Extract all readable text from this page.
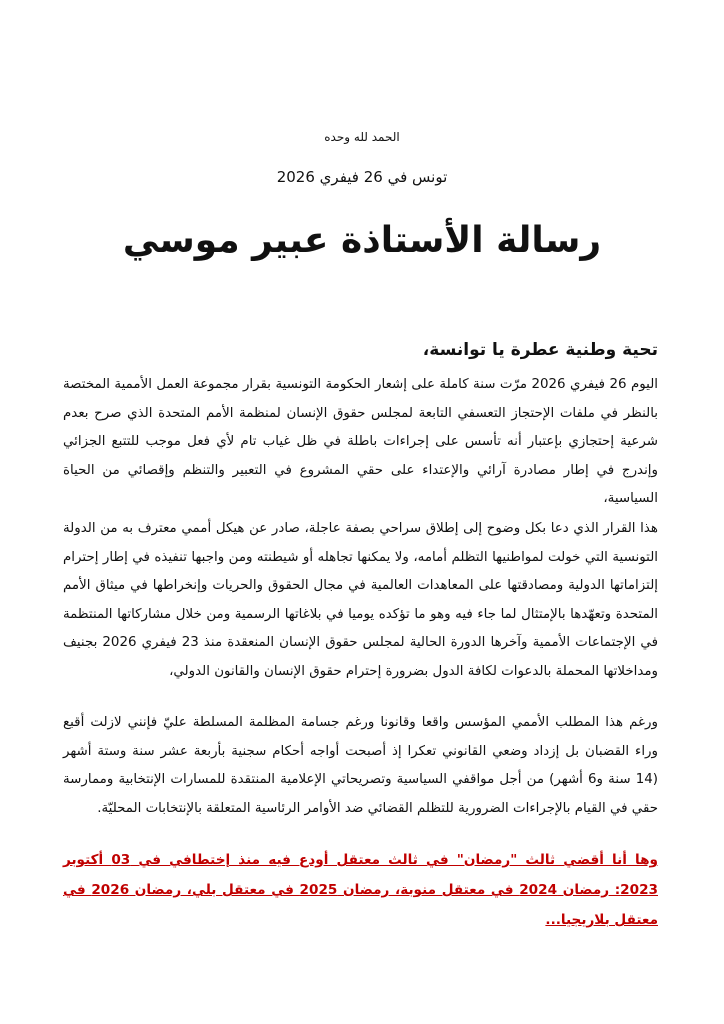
الحمد لله وحده
تونس في 26 فيفري 2026
رسالة الأستاذة عبير موسي
تحية وطنية عطرة يا توانسة،
اليوم 26 فيفري 2026 مرّت سنة كاملة على إشعار الحكومة التونسية بقرار مجموعة العمل الأممية المختصة بالنظر في ملفات الإحتجاز التعسفي التابعة لمجلس حقوق الإنسان لمنظمة الأمم المتحدة الذي صرح بعدم شرعية إحتجازي بإعتبار أنه تأسس على إجراءات باطلة في ظل غياب تام لأي فعل موجب للتتبع الجزائي وإندرج في إطار مصادرة آرائي والإعتداء على حقي المشروع في التعبير والتنظم وإقصائي من الحياة السياسية،
هذا القرار الذي دعا بكل وضوح إلى إطلاق سراحي بصفة عاجلة، صادر عن هيكل أممي معترف به من الدولة التونسية التي خولت لمواطنيها التظلم أمامه، ولا يمكنها تجاهله أو شيطنته ومن واجبها تنفيذه في إطار إحترام إلتزاماتها الدولية ومصادقتها على المعاهدات العالمية في مجال الحقوق والحريات وإنخراطها في ميثاق الأمم المتحدة وتعهّدها بالإمتثال لما جاء فيه وهو ما تؤكده يوميا في بلاغاتها الرسمية ومن خلال مشاركاتها المنتظمة في الإجتماعات الأممية وآخرها الدورة الحالية لمجلس حقوق الإنسان المنعقدة منذ 23 فيفري 2026 بجنيف ومداخلاتها المحملة بالدعوات لكافة الدول بضرورة إحترام حقوق الإنسان والقانون الدولي،
ورغم هذا المطلب الأممي المؤسس واقعا وقانونا ورغم جسامة المظلمة المسلطة عليّ فإنني لازلت أقبع وراء القضبان بل إزداد وضعي القانوني تعكرا إذ أصبحت أواجه أحكام سجنية بأربعة عشر سنة وستة أشهر (14 سنة و6 أشهر) من أجل مواقفي السياسية وتصريحاتي الإعلامية المنتقدة للمسارات الإنتخابية وممارسة حقي في القيام بالإجراءات الضرورية للتظلم القضائي ضد الأوامر الرئاسية المتعلقة بالإنتخابات المحليّة.
وها أنا أقضي ثالث "رمضان" في ثالث معتقل أودع فيه منذ إختطافي في 03 أكتوبر 2023: رمضان 2024 في معتقل منوبة، رمضان 2025 في معتقل بلي، رمضان 2026 في معتقل بلاريجيا...
